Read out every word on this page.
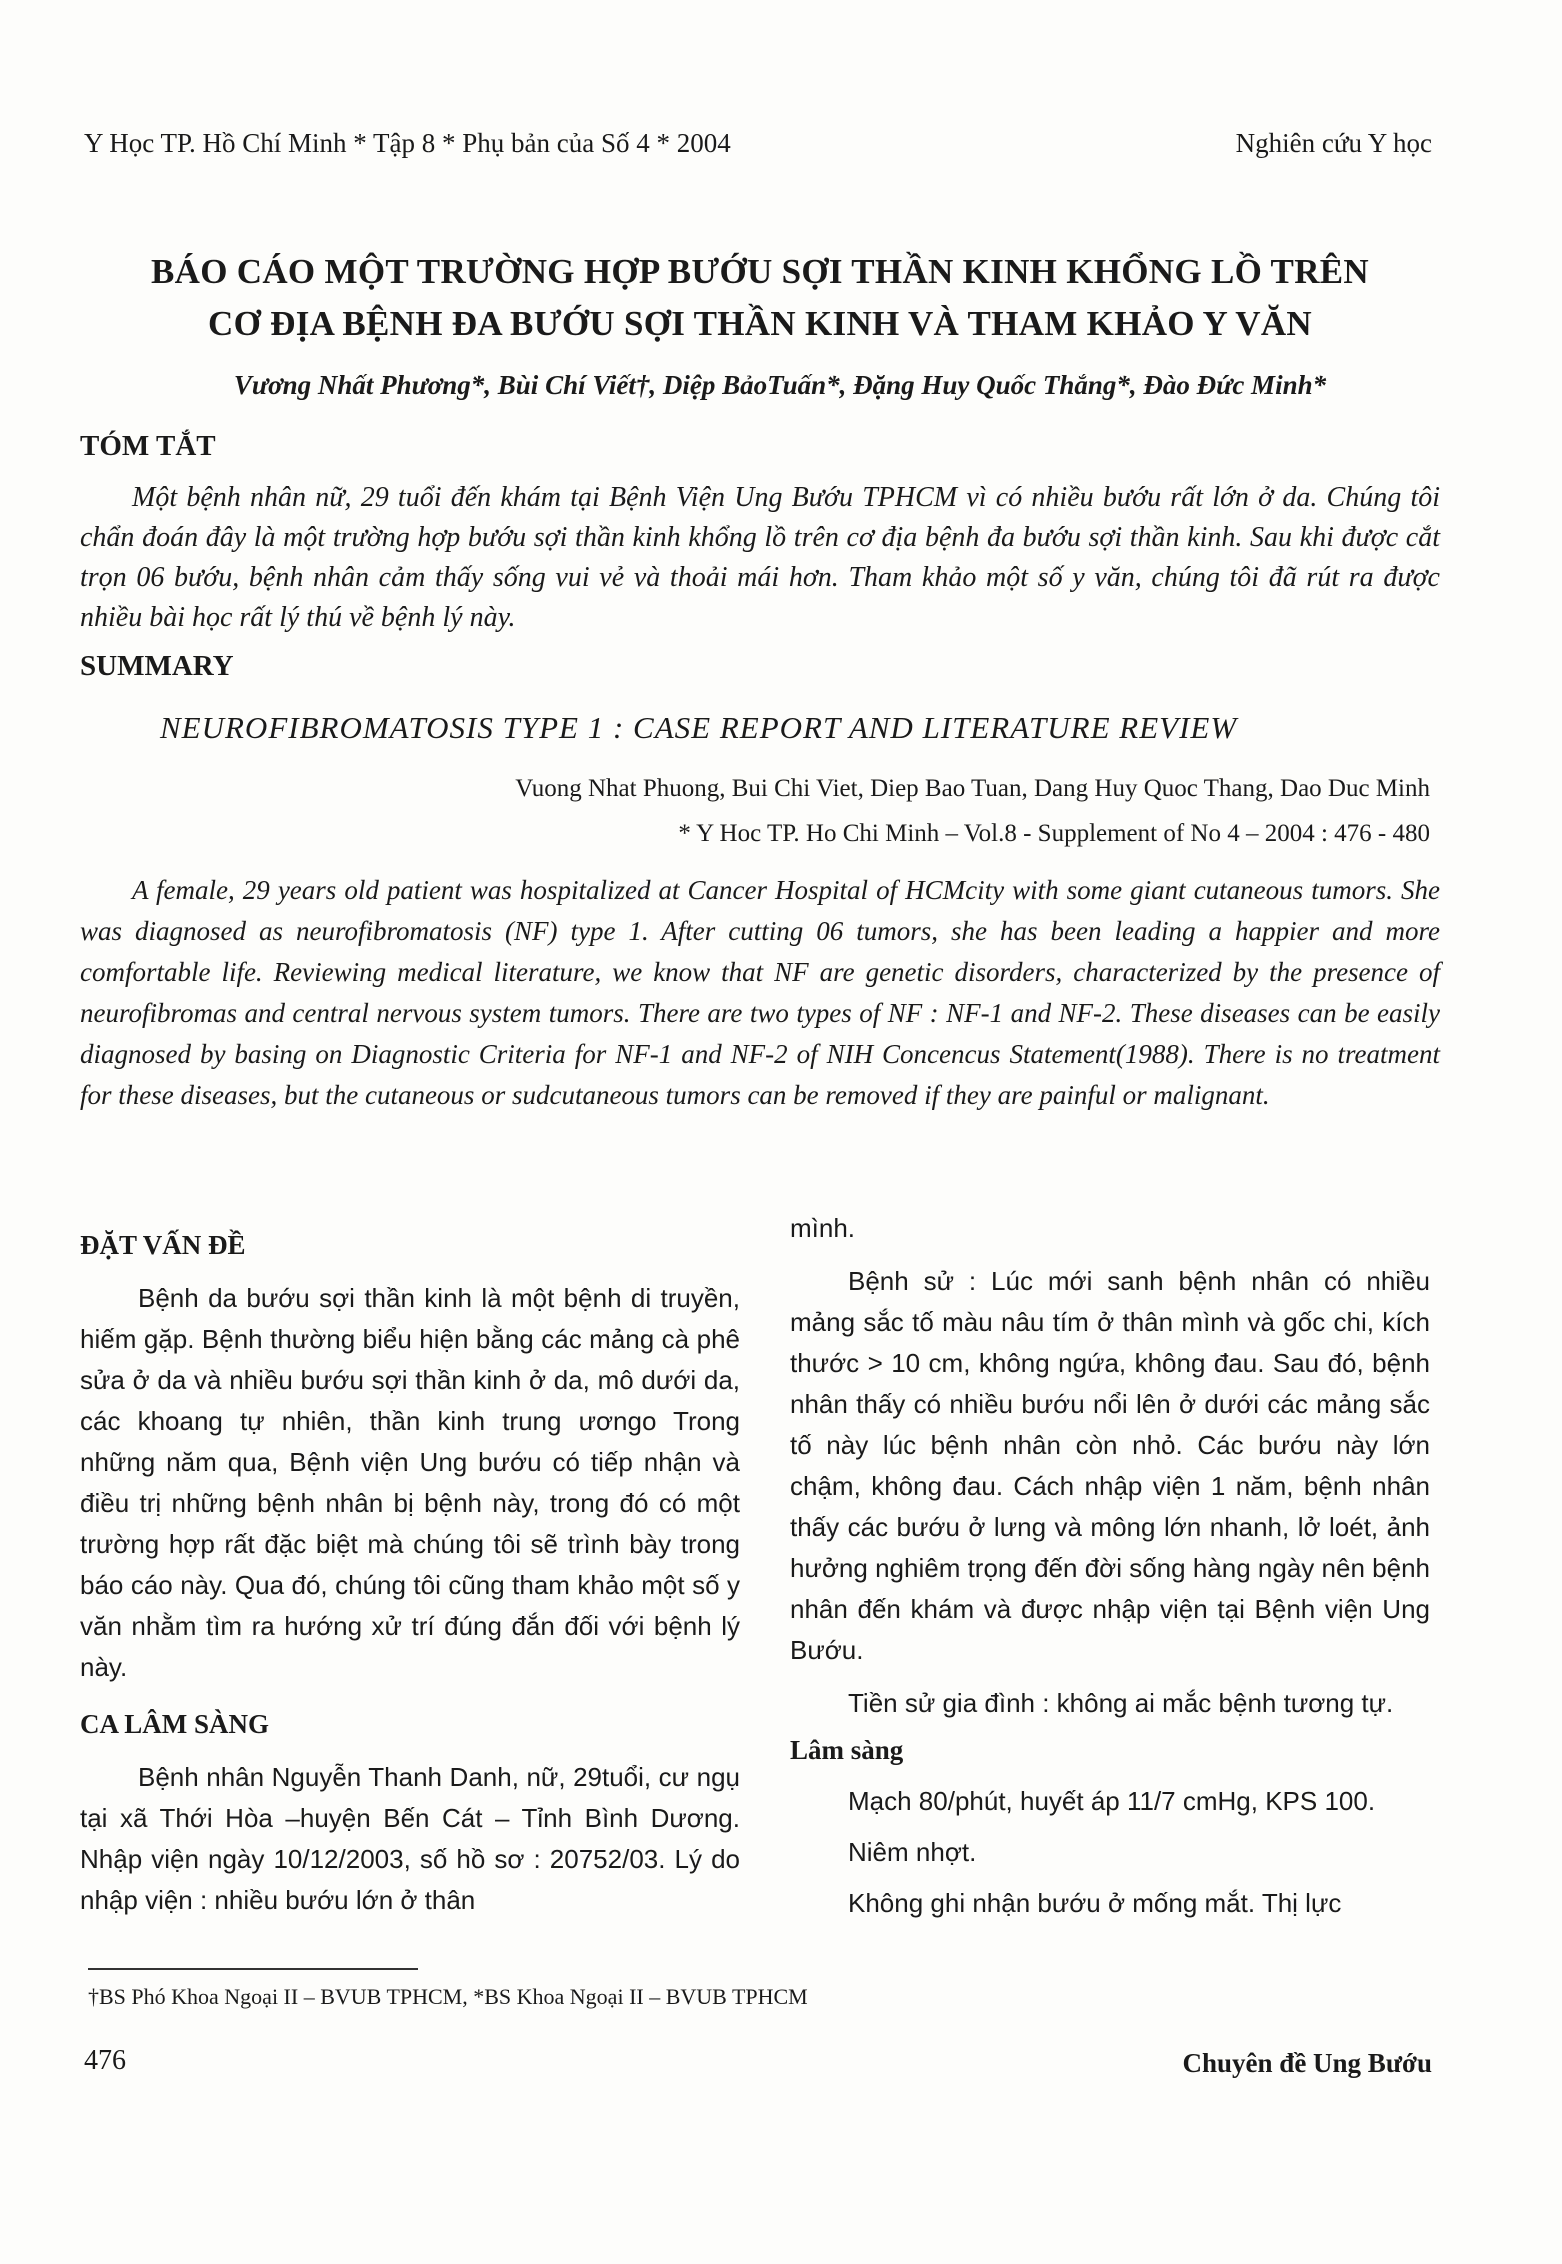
Y Học TP. Hồ Chí Minh * Tập 8 * Phụ bản của Số 4 * 2004	Nghiên cứu Y học
BÁO CÁO MỘT TRƯỜNG HỢP BƯỚU SỢI THẦN KINH KHỔNG LỒ TRÊN
CƠ ĐỊA BỆNH ĐA BƯỚU SỢI THẦN KINH VÀ THAM KHẢO Y VĂN
Vương Nhất Phương*, Bùi Chí Viết†, Diệp BảoTuấn*, Đặng Huy Quốc Thắng*, Đào Đức Minh*
TÓM TẮT
Một bệnh nhân nữ, 29 tuổi đến khám tại Bệnh Viện Ung Bướu TPHCM vì có nhiều bướu rất lớn ở da. Chúng tôi chẩn đoán đây là một trường hợp bướu sợi thần kinh khổng lồ trên cơ địa bệnh đa bướu sợi thần kinh. Sau khi được cắt trọn 06 bướu, bệnh nhân cảm thấy sống vui vẻ và thoải mái hơn. Tham khảo một số y văn, chúng tôi đã rút ra được nhiều bài học rất lý thú về bệnh lý này.
SUMMARY
NEUROFIBROMATOSIS TYPE 1 : CASE REPORT AND LITERATURE REVIEW
Vuong Nhat Phuong, Bui Chi Viet, Diep Bao Tuan, Dang Huy Quoc Thang, Dao Duc Minh
* Y Hoc TP. Ho Chi Minh – Vol.8 - Supplement of No 4 – 2004 : 476 - 480
A female, 29 years old patient was hospitalized at Cancer Hospital of HCMcity with some giant cutaneous tumors. She was diagnosed as neurofibromatosis (NF) type 1. After cutting 06 tumors, she has been leading a happier and more comfortable life. Reviewing medical literature, we know that NF are genetic disorders, characterized by the presence of neurofibromas and central nervous system tumors. There are two types of NF : NF-1 and NF-2. These diseases can be easily diagnosed by basing on Diagnostic Criteria for NF-1 and NF-2 of NIH Concencus Statement(1988). There is no treatment for these diseases, but the cutaneous or sudcutaneous tumors can be removed if they are painful or malignant.
ĐẶT VẤN ĐỀ

Bệnh da bướu sợi thần kinh là một bệnh di truyền, hiếm gặp. Bệnh thường biểu hiện bằng các mảng cà phê sửa ở da và nhiều bướu sợi thần kinh ở da, mô dưới da, các khoang tự nhiên, thần kinh trung ươngo Trong những năm qua, Bệnh viện Ung bướu có tiếp nhận và điều trị những bệnh nhân bị bệnh này, trong đó có một trường hợp rất đặc biệt mà chúng tôi sẽ trình bày trong báo cáo này. Qua đó, chúng tôi cũng tham khảo một số y văn nhằm tìm ra hướng xử trí đúng đắn đối với bệnh lý này.

CA LÂM SÀNG

Bệnh nhân Nguyễn Thanh Danh, nữ, 29tuổi, cư ngụ tại xã Thới Hòa –huyện Bến Cát – Tỉnh Bình Dương. Nhập viện ngày 10/12/2003, số hồ sơ : 20752/03. Lý do nhập viện : nhiều bướu lớn ở thân

mình.

Bệnh sử : Lúc mới sanh bệnh nhân có nhiều mảng sắc tố màu nâu tím ở thân mình và gốc chi, kích thước > 10 cm, không ngứa, không đau. Sau đó, bệnh nhân thấy có nhiều bướu nổi lên ở dưới các mảng sắc tố này lúc bệnh nhân còn nhỏ. Các bướu này lớn chậm, không đau. Cách nhập viện 1 năm, bệnh nhân thấy các bướu ở lưng và mông lớn nhanh, lở loét, ảnh hưởng nghiêm trọng đến đời sống hàng ngày nên bệnh nhân đến khám và được nhập viện tại Bệnh viện Ung Bướu.

Tiền sử gia đình : không ai mắc bệnh tương tự.

Lâm sàng

Mạch 80/phút, huyết áp 11/7 cmHg, KPS 100.

Niêm nhợt.

Không ghi nhận bướu ở mống mắt. Thị lực

†BS Phó Khoa Ngoại II – BVUB TPHCM, *BS Khoa Ngoại II – BVUB TPHCM
476	Chuyên đề Ung Bướu
